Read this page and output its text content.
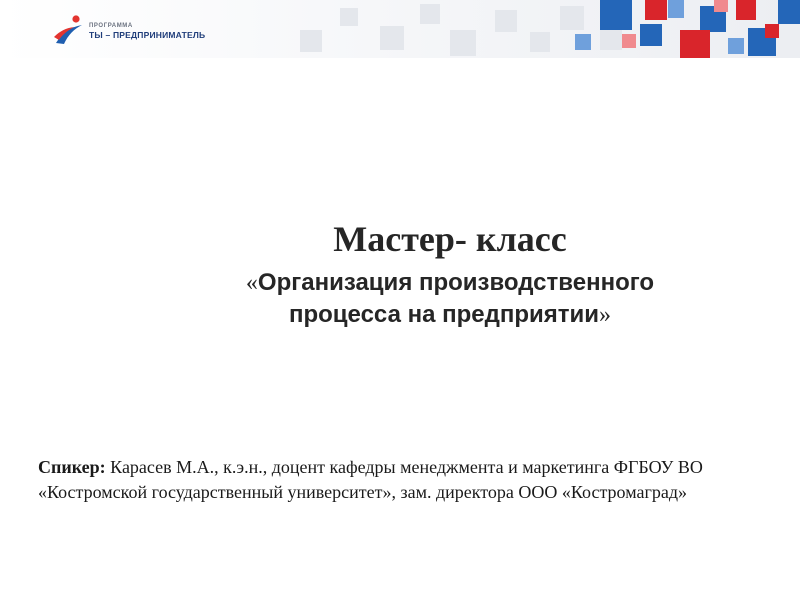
ПРОГРАММА
ТЫ – ПРЕДПРИНИМАТЕЛЬ
Мастер- класс
«Организация производственного
процесса на предприятии»
Спикер: Карасев М.А., к.э.н., доцент кафедры менеджмента и маркетинга ФГБОУ ВО «Костромской государственный университет», зам. директора ООО «Костромаград»
